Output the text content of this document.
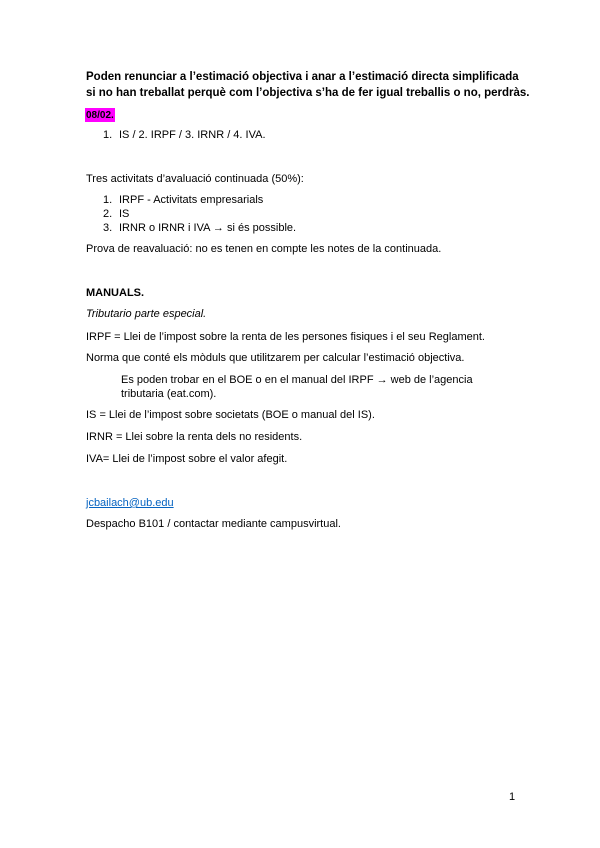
Poden renunciar a l’estimació objectiva i anar a l’estimació directa simplificada
si no han treballat perquè com l’objectiva s’ha de fer igual treballis o no, perdràs.
08/02.
1. IS / 2. IRPF / 3. IRNR / 4. IVA.
Tres activitats d’avaluació continuada (50%):
1. IRPF - Activitats empresarials
2. IS
3. IRNR o IRNR i IVA → si és possible.
Prova de reavaluació: no es tenen en compte les notes de la continuada.
MANUALS.
Tributario parte especial.
IRPF = Llei de l’impost sobre la renta de les persones fisiques i el seu Reglament.
Norma que conté els mòduls que utilitzarem per calcular l’estimació objectiva.
Es poden trobar en el BOE o en el manual del IRPF → web de l’agencia
tributaria (eat.com).
IS = Llei de l’impost sobre societats (BOE o manual del IS).
IRNR = Llei sobre la renta dels no residents.
IVA= Llei de l’impost sobre el valor afegit.
jcbailach@ub.edu
Despacho B101 / contactar mediante campusvirtual.
1
